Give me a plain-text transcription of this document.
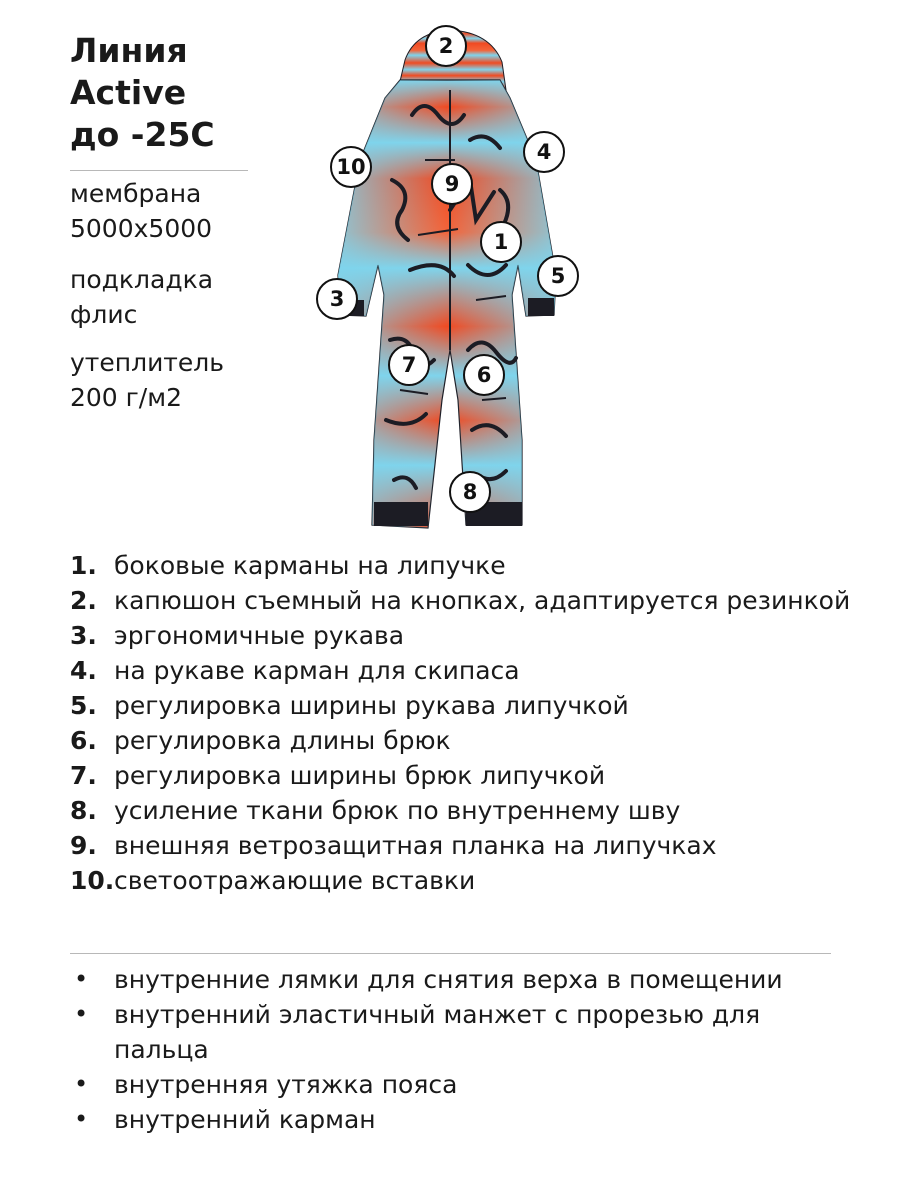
Линия
Active
до -25С
мембрана
5000x5000
подкладка
флис
утеплитель
200 г/м2
2
4
10
9
1
5
3
7	6
8
1. боковые карманы на липучке
2. капюшон съемный на кнопках, адаптируется резинкой
3. эргономичные рукава
4. на рукаве карман для скипаса
5. регулировка ширины рукава липучкой
6. регулировка длины брюк
7. регулировка ширины брюк липучкой
8. усиление ткани брюк по внутреннему шву
9. внешняя ветрозащитная планка на липучках
10. светоотражающие вставки
• внутренние лямки для снятия верха в помещении
• внутренний эластичный манжет с прорезью для пальца
• внутренняя утяжка пояса
• внутренний карман
